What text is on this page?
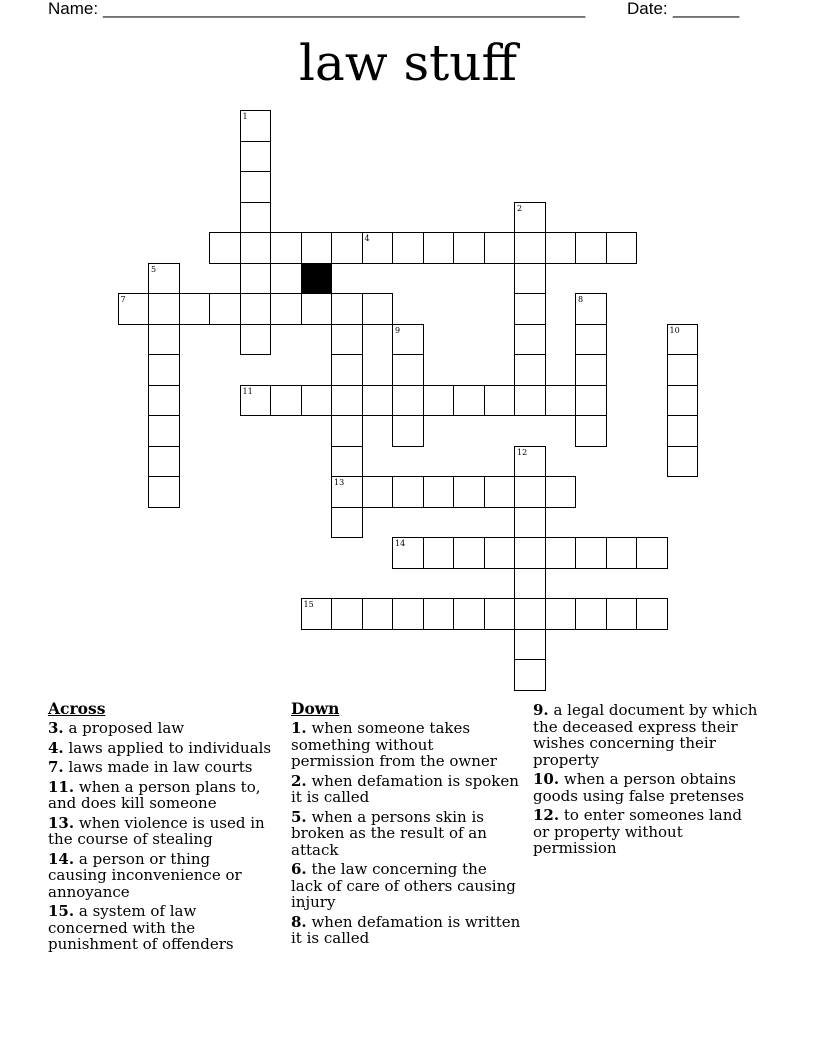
Name: ___________________________________________________ Date: _______
law stuff
1
4
7
5
11
2
13
9
8
10
12
14
15
Across
3. a proposed law
4. laws applied to individuals
7. laws made in law courts
11. when a person plans to, and does kill someone
13. when violence is used in the course of stealing
14. a person or thing causing inconvenience or annoyance
15. a system of law concerned with the punishment of offenders
Down
1. when someone takes something without permission from the owner
2. when defamation is spoken it is called
5. when a persons skin is broken as the result of an attack
6. the law concerning the lack of care of others causing injury
8. when defamation is written it is called
9. a legal document by which the deceased express their wishes concerning their property
10. when a person obtains goods using false pretenses
12. to enter someones land or property without permission
